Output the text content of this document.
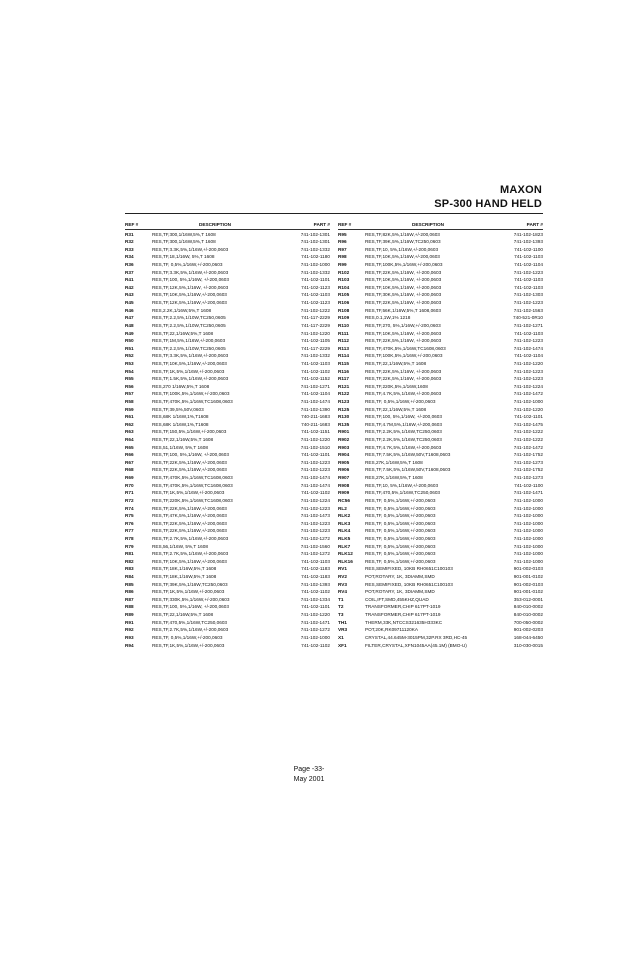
MAXON
SP-300 HAND HELD
REF #	DESCRIPTION	PART #
R31	RES,TF,300,1/16W,5%,T 1608	741-102-1301
R32	RES,TF,300,1/16W,5%,T 1608	741-102-1301
R33	RES,TF,3.3K,5%,1/16W,+/-200,0603	741-102-1332
R34	RES,TF,18,1/16W, 5%,T 1608	741-102-1180
R36	RES,TF, 0,5%,1/16W,+/-200,0603	741-102-1000
R37	RES,TF,3.3K,5%,1/16W,+/-200,0603	741-102-1332
R41	RES,TF,100, 5%,1/16W, +/-200,0603	741-102-1101
R42	RES,TF,12K,5%,1/16W, +/-200,0603	741-102-1123
R43	RES,TF,10K,5%,1/16W,+/-200,0603	741-102-1103
R45	RES,TF,12K,5%,1/16W,+/-200,0603	741-102-1123
R46	RES,2.2K,1/16W,5%,T 1608	741-102-1222
R47	RES,TF,2.2,5%,1/10W,TC250,0605	741-117-2229
R48	RES,TF,2.2,5%,1/10W,TC250,0605	741-117-2229
R49	RES,TF,22,1/16W,5%,T 1608	741-102-1220
R50	RES,TF,1M,5%,1/16W,+/-200,0603	741-102-1105
R51	RES,TF,2.2,5%,1/10W,TC250,0605	741-117-2229
R52	RES,TF,3.3K,5%,1/16W,+/-200,0603	741-102-1332
R53	RES,TF,10K,5%,1/16W,+/-200,0603	741-102-1103
R54	RES,TF,1K,5%,1/16W,+/-200,0603	741-102-1102
R55	RES,TF,1.5K,5%,1/16W,+/-200,0603	741-102-1152
R56	RES,270 1/16W,5%,T 1608	741-102-1271
R57	RES,TF,100K,5%,1/16W,+/-200,0603	741-102-1104
R58	RES,TF,470K,5%,1/16W,TC1608,0603	741-102-1474
R59	RES,TF,39,5%,50V,0603	741-102-1390
R61	RES,68K 1/16W,1%,T1608	740-211-1683
R62	RES,68K 1/16W,1%,T1608	740-211-1683
R63	RES,TF,150,5%,1/16W,+/-200,0603	741-102-1151
R64	RES,TF,22,1/16W,5%,T 1608	741-102-1220
R65	RES,51,1/16W, 5%,T 1608	741-102-1510
R66	RES,TF,100, 5%,1/16W, +/-200,0603	741-102-1101
R67	RES,TF,22K,5%,1/16W,+/-200,0603	741-102-1223
R68	RES,TF,22K,5%,1/16W,+/-200,0603	741-102-1223
R69	RES,TF,470K,5%,1/16W,TC1608,0603	741-102-1474
R70	RES,TF,470K,5%,1/16W,TC1608,0603	741-102-1474
R71	RES,TF,1K,5%,1/16W,+/-200,0603	741-102-1102
R72	RES,TF,220K,5%,1/16W,TC1608,0603	741-102-1224
R74	RES,TF,22K,5%,1/16W,+/-200,0603	741-102-1223
R75	RES,TF,47K,5%,1/16W,+/-200,0603	741-102-1473
R76	RES,TF,22K,5%,1/16W,+/-200,0603	741-102-1223
R77	RES,TF,22K,5%,1/16W,+/-200,0603	741-102-1223
R78	RES,TF,2.7K,5%,1/16W,+/-200,0603	741-102-1272
R79	RES,56,1/16W, 5%,T 1608	741-102-1560
R81	RES,TF,2.7K,5%,1/16W,+/-200,0603	741-102-1272
R82	RES,TF,10K,5%,1/16W,+/-200,0603	741-102-1103
R83	RES,TF,18K,1/16W,5%,T 1608	741-102-1183
R84	RES,TF,18K,1/16W,5%,T 1608	741-102-1183
R85	RES,TF,39K,5%,1/16W,TC250,0603	741-102-1393
R86	RES,TF,1K,5%,1/16W,+/-200,0603	741-102-1102
R87	RES,TF,330K,5%,1/16W,+/-200,0603	741-102-1334
R88	RES,TF,100, 5%,1/16W, +/-200,0603	741-102-1101
R89	RES,TF,22,1/16W,5%,T 1608	741-102-1220
R91	RES,TF,470,5%,1/16W,TC250,0603	741-102-1471
R92	RES,TF,2.7K,5%,1/16W,+/-200,0603	741-102-1272
R93	RES,TF, 0,5%,1/16W,+/-200,0603	741-102-1000
R94	RES,TF,1K,5%,1/16W,+/-200,0603	741-102-1102
REF #	DESCRIPTION	PART #
R95	RES,TF,82K,5%,1/16W,+/-200,0603	741-102-1823
R96	RES,TF,39K,5%,1/16W,TC250,0603	741-102-1393
R97	RES,TF,10, 5%,1/16W,+/-200,0603	741-102-1100
R98	RES,TF,10K,5%,1/16W,+/-200,0603	741-102-1103
R99	RES,TF,100K,5%,1/16W,+/-200,0603	741-102-1104
R102	RES,TF,22K,5%,1/16W, +/-200,0603	741-102-1223
R103	RES,TF,10K,5%,1/16W, +/-200,0603	741-102-1103
R104	RES,TF,10K,5%,1/16W, +/-200,0603	741-102-1103
R105	RES,TF,30K,5%,1/16W, +/-200,0603	741-102-1303
R106	RES,TF,22K,5%,1/16W, +/-200,0603	741-102-1223
R108	RES,TF,56K,1/16W,5%,T 1608,0603	741-102-1563
R109	RES,0.1,1W,1% 1218	740-521-0R10
R110	RES,TF,270, 5%,1/16W,+/-200,0603	741-102-1271
R111	RES,TF,10K,5%,1/16W, +/-200,0603	741-102-1103
R112	RES,TF,22K,5%,1/16W, +/-200,0603	741-102-1223
R113	RES,TF,470K,5%,1/16W,TC1608,0603	741-102-1474
R114	RES,TF,100K,5%,1/16W,+/-200,0603	741-102-1104
R115	RES,TF,22,1/16W,5%,T 1608	741-102-1220
R116	RES,TF,22K,5%,1/16W, +/-200,0603	741-102-1223
R117	RES,TF,22K,5%,1/16W, +/-200,0603	741-102-1223
R121	RES,TF,220K,5%,1/16W,1608	741-102-1224
R122	RES,TF,4.7K,5%,1/16W,+/-200,0603	741-102-1472
R123	RES,TF, 0,5%,1/16W,+/-200,0603	741-102-1000
R125	RES,TF,22,1/16W,5%,T 1608	741-102-1220
R130	RES,TF,100, 5%,1/16W, +/-200,0603	741-102-1101
R135	RES,TF,4.7M,5%,1/16W,+/-200,0603	741-102-1475
R901	RES,TF,2.2K,5%,1/16W,TC250,0603	741-102-1222
R902	RES,TF,2.2K,5%,1/16W,TC250,0603	741-102-1222
R903	RES,TF,4.7K,5%,1/16W,+/-200,0603	741-102-1472
R904	RES,TF,7.5K,5%,1/16W,50V,T1608,0603	741-102-1752
R905	RES,27K,1/16W,5%,T 1608	741-102-1273
R906	RES,TF,7.5K,5%,1/16W,50V,T1608,0603	741-102-1752
R907	RES,27K,1/16W,5%,T 1608	741-102-1273
R908	RES,TF,10, 5%,1/16W,+/-200,0603	741-102-1100
R909	RES,TF,470,5%,1/16W,TC250,0603	741-102-1471
RC56	RES,TF, 0,5%,1/16W,+/-200,0603	741-102-1000
RL2	RES,TF, 0,5%,1/16W,+/-200,0603	741-102-1000
RLK2	RES,TF, 0,5%,1/16W,+/-200,0603	741-102-1000
RLK3	RES,TF, 0,5%,1/16W,+/-200,0603	741-102-1000
RLK4	RES,TF, 0,5%,1/16W,+/-200,0603	741-102-1000
RLK5	RES,TF, 0,5%,1/16W,+/-200,0603	741-102-1000
RLK7	RES,TF, 0,5%,1/16W,+/-200,0603	741-102-1000
RLK12	RES,TF, 0,5%,1/16W,+/-200,0603	741-102-1000
RLK16	RES,TF, 0,5%,1/16W,+/-200,0603	741-102-1000
RV1	RES,SEMIFIXED, 10KB RH0651C100103	901-002-0103
RV2	POT,ROTARY, 1K, 3DIAMM,SMD	901-001-0102
RV3	RES,SEMIFIXED, 10KB RH0651C100103	901-002-0103
RV4	POT,ROTARY, 1K, 3DIAMM,SMD	901-001-0102
T1	COIL,IFT,SMD,455KHZ,QUAD	353-012-0001
T2	TRANSFORMER,CHIP 617PT-1019	840-010-0002
T3	TRANSFORMER,CHIP 617PT-1019	840-010-0002
TH1	THERM,33K,NTCCS321635H333KC	700-050-0002
VR3	POT,20K,RK09711120KA	901-002-0203
X1	CRYSTAL,44.645M-3015PM,32P.RX 3RD,HC-45	168-044-6450
XF1	FILTER,CRYSTAL,XFN1045AA(45.1M) (BMO-U)	310-030-0015
Page -33-
May 2001
